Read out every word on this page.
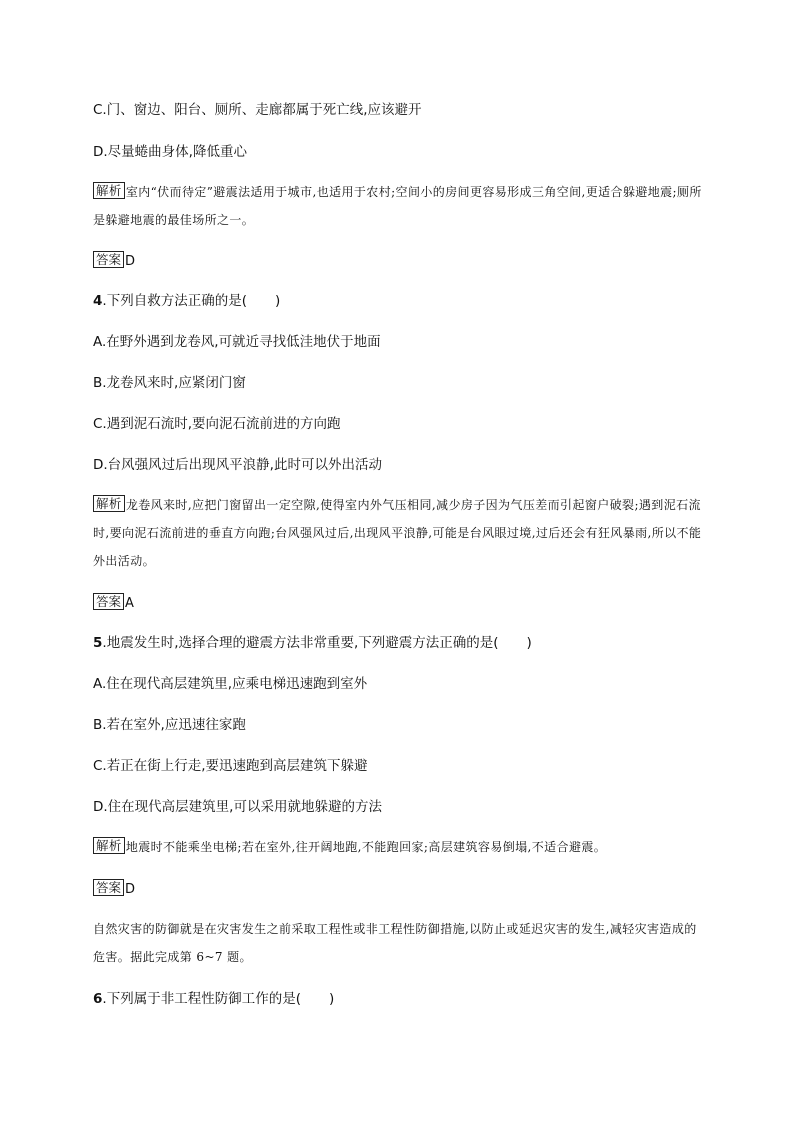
C.门、窗边、阳台、厕所、走廊都属于死亡线,应该避开
D.尽量蜷曲身体,降低重心
解析 室内“伏而待定”避震法适用于城市,也适用于农村;空间小的房间更容易形成三角空间,更适合躲避地震;厕所是躲避地震的最佳场所之一。
答案 D
4.下列自救方法正确的是( )
A.在野外遇到龙卷风,可就近寻找低洼地伏于地面
B.龙卷风来时,应紧闭门窗
C.遇到泥石流时,要向泥石流前进的方向跑
D.台风强风过后出现风平浪静,此时可以外出活动
解析 龙卷风来时,应把门窗留出一定空隙,使得室内外气压相同,减少房子因为气压差而引起窗户破裂;遇到泥石流时,要向泥石流前进的垂直方向跑;台风强风过后,出现风平浪静,可能是台风眼过境,过后还会有狂风暴雨,所以不能外出活动。
答案 A
5.地震发生时,选择合理的避震方法非常重要,下列避震方法正确的是( )
A.住在现代高层建筑里,应乘电梯迅速跑到室外
B.若在室外,应迅速往家跑
C.若正在街上行走,要迅速跑到高层建筑下躲避
D.住在现代高层建筑里,可以采用就地躲避的方法
解析 地震时不能乘坐电梯;若在室外,往开阔地跑,不能跑回家;高层建筑容易倒塌,不适合避震。
答案 D
自然灾害的防御就是在灾害发生之前采取工程性或非工程性防御措施,以防止或延迟灾害的发生,减轻灾害造成的危害。据此完成第 6~7 题。
6.下列属于非工程性防御工作的是( )
